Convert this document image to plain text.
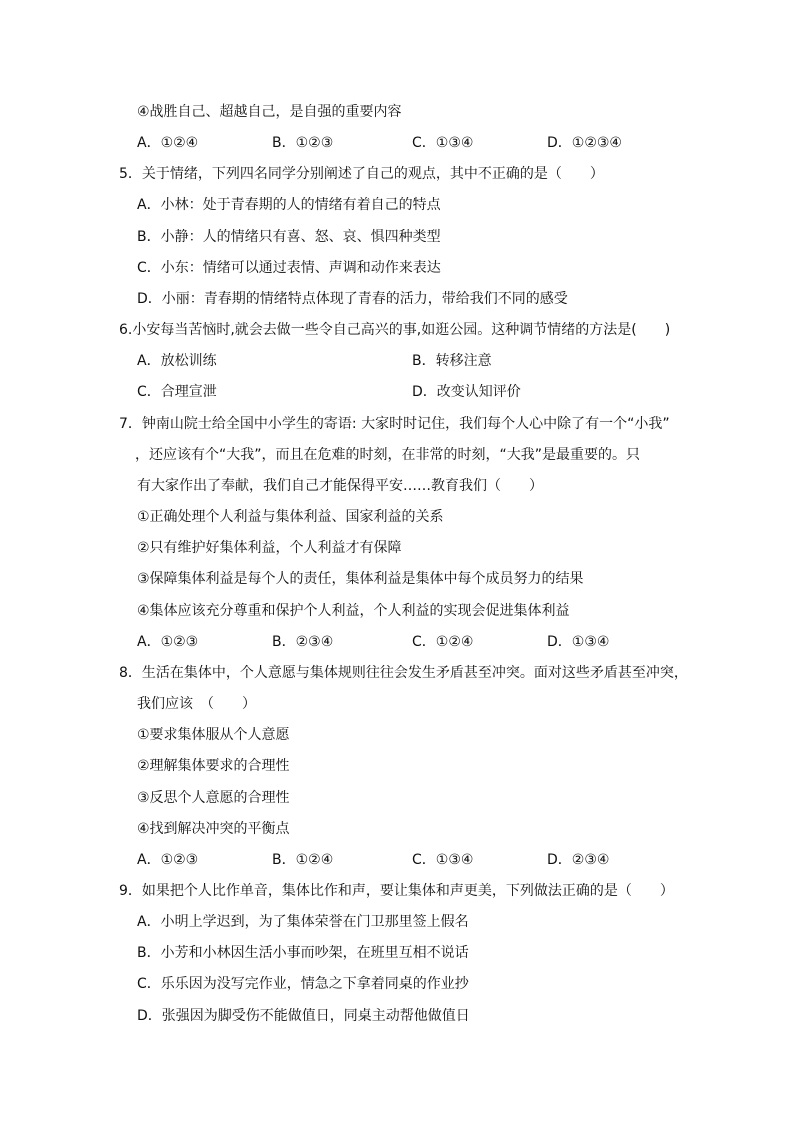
④战胜自己、超越自己，是自强的重要内容
A．①②④	B．①②③	C．①③④	D．①②③④
5．关于情绪，下列四名同学分别阐述了自己的观点，其中不正确的是（　　）
A．小林：处于青春期的人的情绪有着自己的特点
B．小静：人的情绪只有喜、怒、哀、惧四种类型
C．小东：情绪可以通过表情、声调和动作来表达
D．小丽：青春期的情绪特点体现了青春的活力，带给我们不同的感受
6.小安每当苦恼时,就会去做一些令自己高兴的事,如逛公园。这种调节情绪的方法是(　　)
A．放松训练	B．转移注意
C．合理宣泄	D．改变认知评价
7．钟南山院士给全国中小学生的寄语: 大家时时记住，我们每个人心中除了有一个“小我”
，还应该有个“大我”，而且在危难的时刻，在非常的时刻，“大我”是最重要的。只
有大家作出了奉献，我们自己才能保得平安……教育我们（　　）
①正确处理个人利益与集体利益、国家利益的关系
②只有维护好集体利益，个人利益才有保障
③保障集体利益是每个人的责任，集体利益是集体中每个成员努力的结果
④集体应该充分尊重和保护个人利益，个人利益的实现会促进集体利益
A．①②③	B．②③④	C．①②④	D．①③④
8．生活在集体中，个人意愿与集体规则往往会发生矛盾甚至冲突。面对这些矛盾甚至冲突，
我们应该　（　　）
①要求集体服从个人意愿
②理解集体要求的合理性
③反思个人意愿的合理性
④找到解决冲突的平衡点
A．①②③	B．①②④	C．①③④	D．②③④
9．如果把个人比作单音，集体比作和声，要让集体和声更美，下列做法正确的是（　　）
A．小明上学迟到，为了集体荣誉在门卫那里签上假名
B．小芳和小林因生活小事而吵架，在班里互相不说话
C．乐乐因为没写完作业，情急之下拿着同桌的作业抄
D．张强因为脚受伤不能做值日，同桌主动帮他做值日
